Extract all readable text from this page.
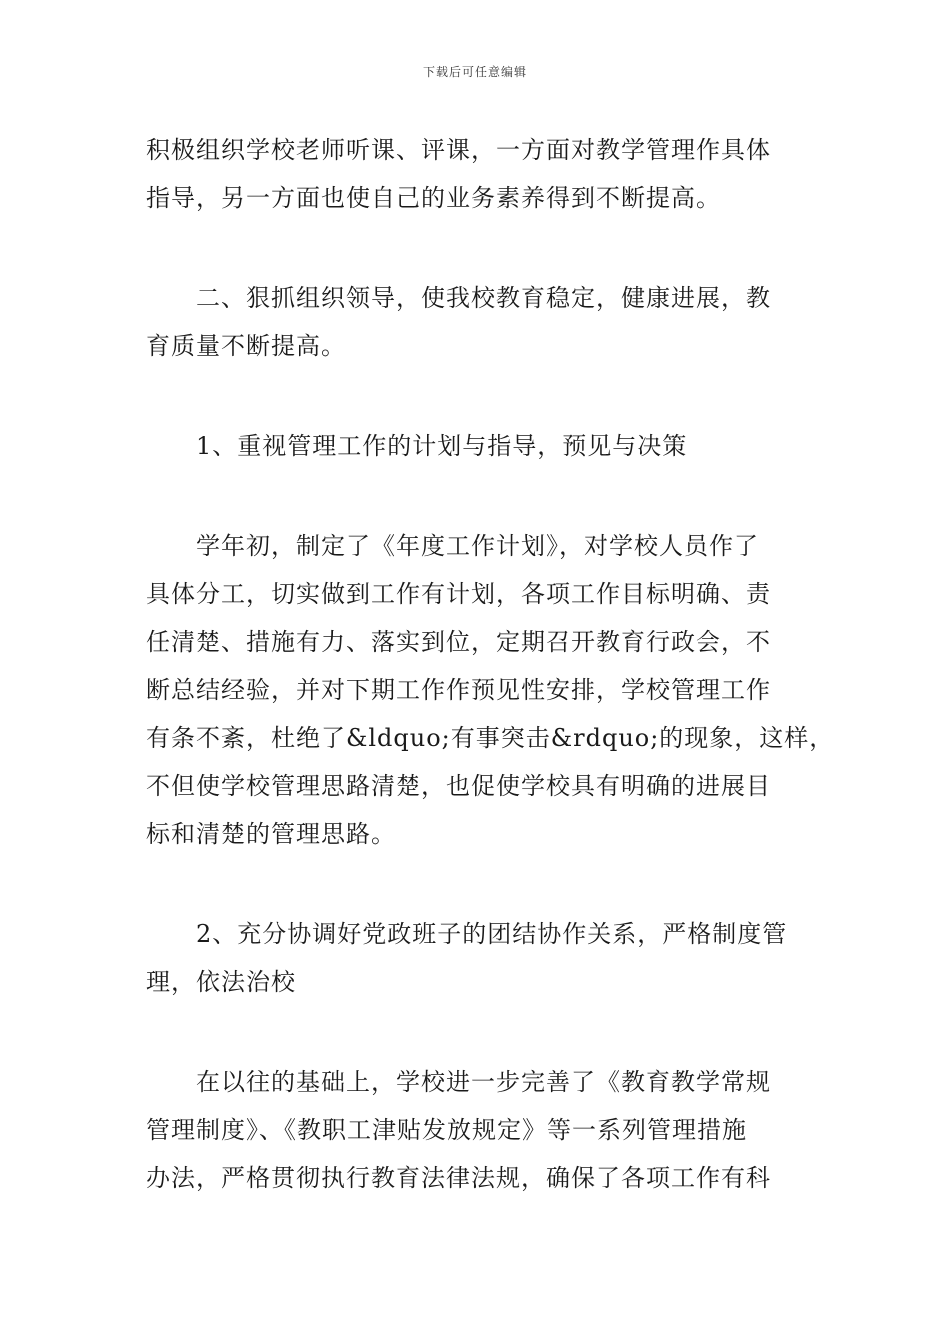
下载后可任意编辑

积极组织学校老师听课、评课，一方面对教学管理作具体
指导，另一方面也使自己的业务素养得到不断提高。

二、狠抓组织领导，使我校教育稳定，健康进展，教
育质量不断提高。

1、重视管理工作的计划与指导，预见与决策

学年初，制定了《年度工作计划》，对学校人员作了
具体分工，切实做到工作有计划，各项工作目标明确、责
任清楚、措施有力、落实到位，定期召开教育行政会，不
断总结经验，并对下期工作作预见性安排，学校管理工作
有条不紊，杜绝了&ldquo;有事突击&rdquo;的现象，这样，
不但使学校管理思路清楚，也促使学校具有明确的进展目
标和清楚的管理思路。

2、充分协调好党政班子的团结协作关系，严格制度管
理，依法治校

在以往的基础上，学校进一步完善了《教育教学常规
管理制度》、《教职工津贴发放规定》等一系列管理措施
办法，严格贯彻执行教育法律法规，确保了各项工作有科
